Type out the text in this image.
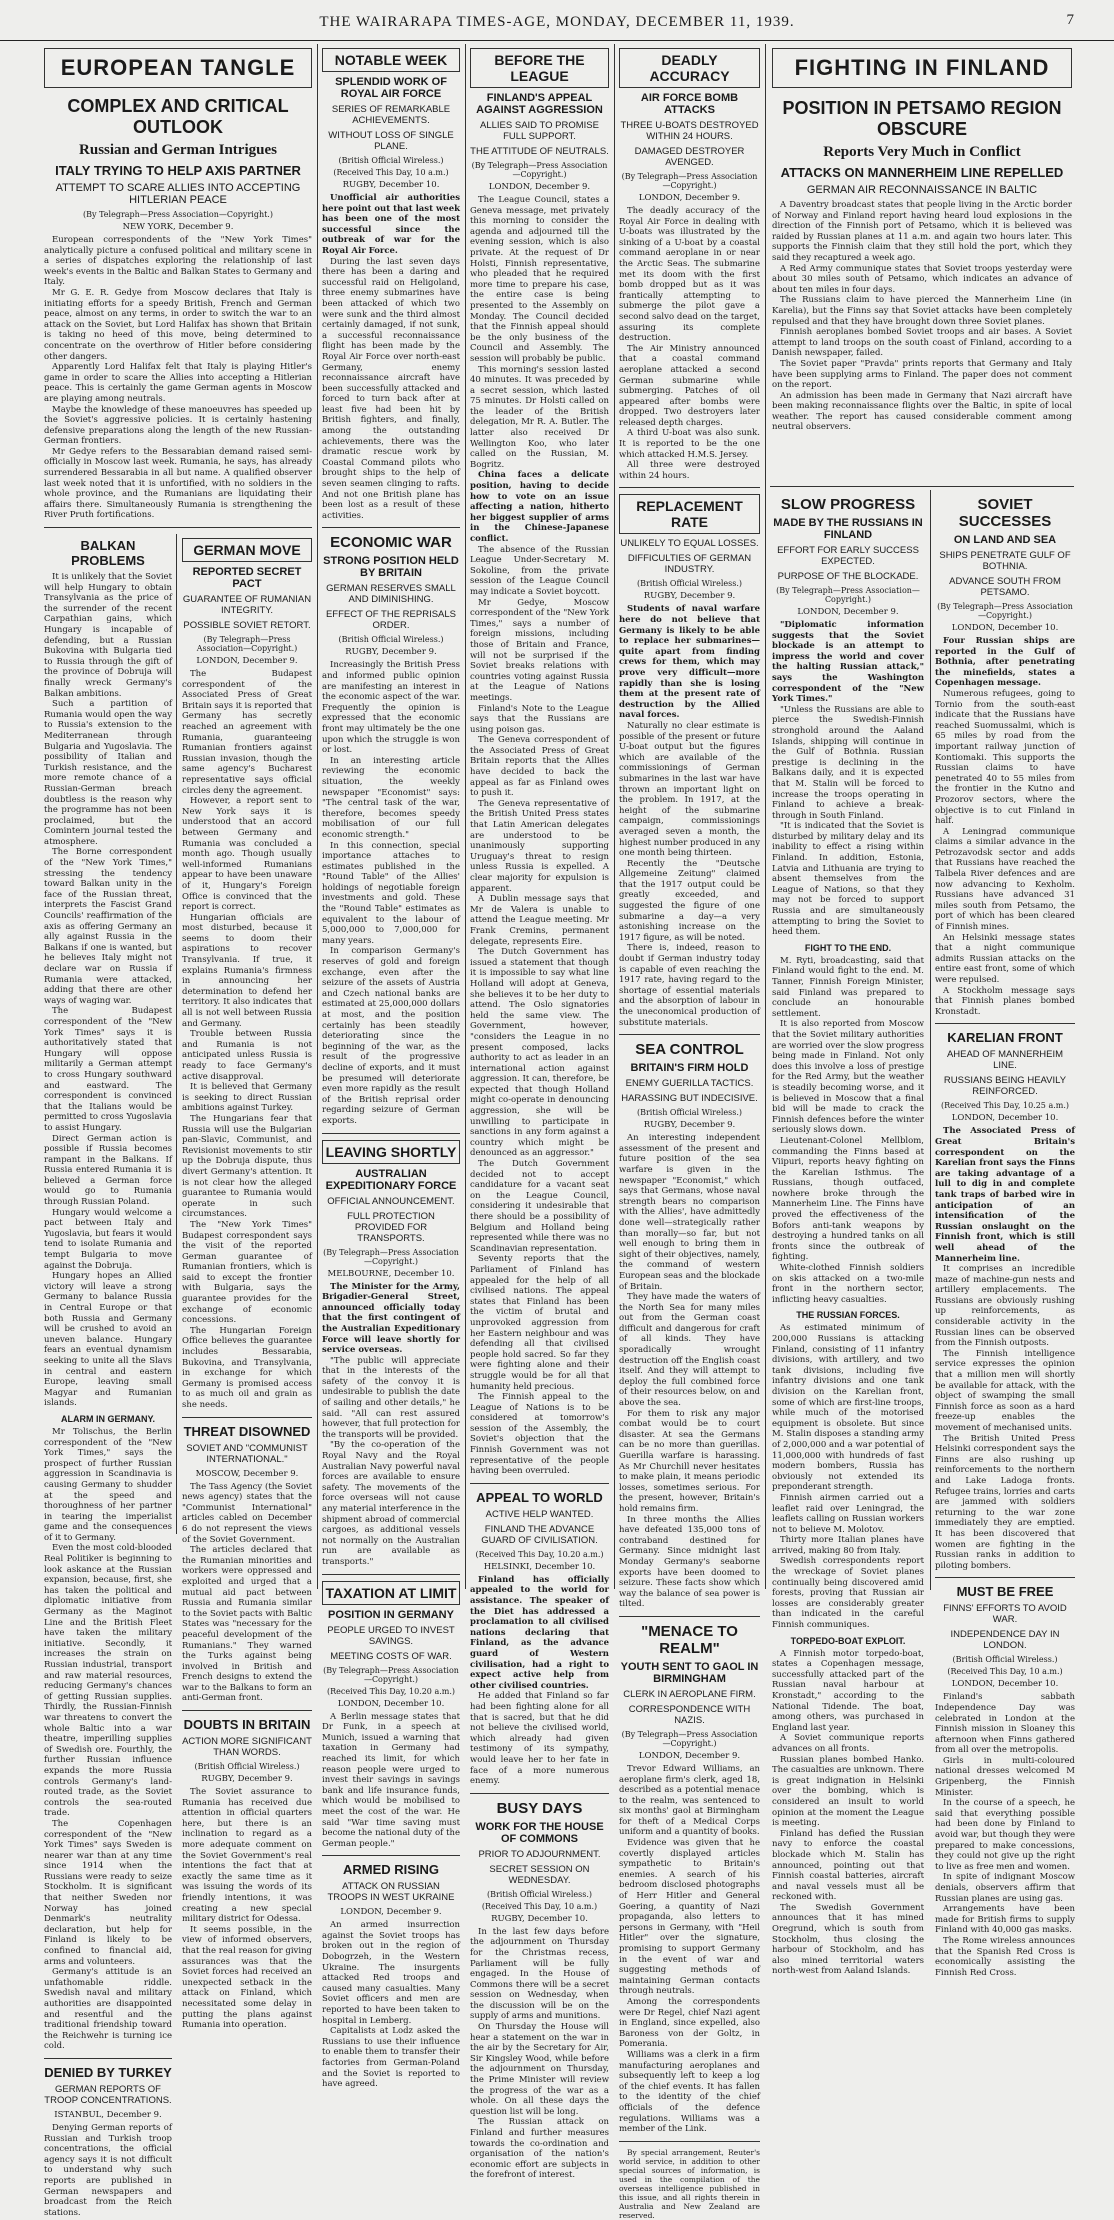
THE WAIRARAPA TIMES-AGE, MONDAY, DECEMBER 11, 1939.	7
EUROPEAN TANGLE
COMPLEX AND CRITICAL OUTLOOK
Russian and German Intrigues
ITALY TRYING TO HELP AXIS PARTNER
ATTEMPT TO SCARE ALLIES INTO ACCEPTING HITLERIAN PEACE
(By Telegraph—Press Association—Copyright.)
NEW YORK, December 9.

European correspondents of the "New York Times" analytically picture a confused political and military scene in a series of dispatches exploring the relationship of last week's events in the Baltic and Balkan States to Germany and Italy.

Mr G. E. R. Gedye from Moscow declares that Italy is initiating efforts for a speedy British, French and German peace, almost on any terms, in order to switch the war to an attack on the Soviet, but Lord Halifax has shown that Britain is taking no heed of this move, being determined to concentrate on the overthrow of Hitler before considering other dangers.

Apparently Lord Halifax felt that Italy is playing Hitler's game in order to scare the Allies into accepting a Hitlerian peace. This is certainly the game German agents in Moscow are playing among neutrals.

Maybe the knowledge of these manoeuvres has speeded up the Soviet's aggressive policies. It is certainly hastening defensive preparations along the length of the new Russian-German frontiers.

Mr Gedye refers to the Bessarabian demand raised semi-officially in Moscow last week. Rumania, he says, has already surrendered Bessarabia in all but name. A qualified observer last week noted that it is unfortified, with no soldiers in the whole province, and the Rumanians are liquidating their affairs there. Simultaneously Rumania is strengthening the River Pruth fortifications.

BALKAN PROBLEMS

It is unlikely that the Soviet will help Hungary to obtain Transylvania as the price of the surrender of the recent Carpathian gains, which Hungary is incapable of defending, but a Russian Bukovina with Bulgaria tied to Russia through the gift of the province of Dobruja will finally wreck Germany's Balkan ambitions.

Such a partition of Rumania would open the way to Russia's extension to the Mediterranean through Bulgaria and Yugoslavia. The possibility of Italian and Turkish resistance, and the more remote chance of a Russian-German breach doubtless is the reason why the programme has not been proclaimed, but the Comintern journal tested the atmosphere.

The Borne correspondent of the "New York Times," stressing the tendency toward Balkan unity in the face of the Russian threat, interprets the Fascist Grand Councils' reaffirmation of the axis as offering Germany an ally against Russia in the Balkans if one is wanted, but he believes Italy might not declare war on Russia if Rumania were attacked, adding that there are other ways of waging war.

The Budapest correspondent of the "New York Times" says it is authoritatively stated that Hungary will oppose militarily a German attempt to cross Hungary southward and eastward. The correspondent is convinced that the Italians would be permitted to cross Yugoslavia to assist Hungary.

Direct German action is possible if Russia becomes rampant in the Balkans. If Russia entered Rumania it is believed a German force would go to Rumania through Russian Poland.

Hungary would welcome a pact between Italy and Yugoslavia, but fears it would tend to isolate Rumania and tempt Bulgaria to move against the Dobruja.

Hungary hopes an Allied victory will leave a strong Germany to balance Russia in Central Europe or that both Russia and Germany will be crushed to avoid an uneven balance. Hungary fears an eventual dynamism seeking to unite all the Slavs in central and eastern Europe, leaving small Magyar and Rumanian islands.

ALARM IN GERMANY.

Mr Tolischus, the Berlin correspondent of the "New York Times," says the prospect of further Russian aggression in Scandinavia is causing Germany to shudder at the speed and thoroughness of her partner in tearing the imperialist game and the consequences of it to Germany.

Even the most cold-blooded Real Politiker is beginning to look askance at the Russian expansion, because, first, she has taken the political and diplomatic initiative from Germany as the Maginot Line and the British Fleet have taken the military initiative. Secondly, it increases the strain on Russian industrial, transport and raw material resources, reducing Germany's chances of getting Russian supplies. Thirdly, the Russian-Finnish war threatens to convert the whole Baltic into a war theatre, imperilling supplies of Swedish ore. Fourthly, the further Russian influence expands the more Russia controls Germany's land-routed trade, as the Soviet controls the sea-routed trade.

The Copenhagen correspondent of the "New York Times" says Sweden is nearer war than at any time since 1914 when the Russians were ready to seize Stockholm. It is significant that neither Sweden nor Norway has joined Denmark's neutrality declaration, but help for Finland is likely to be confined to financial aid, arms and volunteers.

Germany's attitude is an unfathomable riddle. Swedish naval and military authorities are disappointed and resentful and the traditional friendship toward the Reichwehr is turning ice cold.

DENIED BY TURKEY
GERMAN REPORTS OF TROOP CONCENTRATIONS.
ISTANBUL, December 9.

Denying German reports of Russian and Turkish troop concentrations, the official agency says it is not difficult to understand why such reports are published in German newspapers and broadcast from the Reich stations.

GERMAN MOVE
REPORTED SECRET PACT
GUARANTEE OF RUMANIAN INTEGRITY.
POSSIBLE SOVIET RETORT.
(By Telegraph—Press Association—Copyright.)
LONDON, December 9.

The Budapest correspondent of the Associated Press of Great Britain says it is reported that Germany has secretly reached an agreement with Rumania, guaranteeing Rumanian frontiers against Russian invasion, though the same agency's Bucharest representative says official circles deny the agreement.

However, a report sent to New York says it is understood that an accord between Germany and Rumania was concluded a month ago. Though usually well-informed Rumanians appear to have been unaware of it, Hungary's Foreign Office is convinced that the report is correct.

Hungarian officials are most disturbed, because it seems to doom their aspirations to recover Transylvania. If true, it explains Rumania's firmness in announcing her determination to defend her territory. It also indicates that all is not well between Russia and Germany.

Trouble between Russia and Rumania is not anticipated unless Russia is ready to face Germany's active disapproval.

It is believed that Germany is seeking to direct Russian ambitions against Turkey.

The Hungarians fear that Russia will use the Bulgarian pan-Slavic, Communist, and Revisionist movements to stir up the Dobruja dispute, thus divert Germany's attention. It is not clear how the alleged guarantee to Rumania would operate in such circumstances.

The "New York Times" Budapest correspondent says the visit of the reported German guarantee of Rumanian frontiers, which is said to except the frontier with Bulgaria, says the guarantee provides for the exchange of economic concessions.

The Hungarian Foreign Office believes the guarantee includes Bessarabia, Bukovina, and Transylvania, in exchange for which Germany is promised access to as much oil and grain as she needs.

THREAT DISOWNED
SOVIET AND "COMMUNIST INTERNATIONAL."
MOSCOW, December 9.

The Tass Agency (the Soviet news agency) states that the "Communist International" articles cabled on December 6 do not represent the views of the Soviet Government.

The articles declared that the Rumanian minorities and workers were oppressed and exploited and urged that a mutual aid pact between Russia and Rumania similar to the Soviet pacts with Baltic States was "necessary for the peaceful development of the Rumanians." They warned the Turks against being involved in British and French designs to extend the war to the Balkans to form an anti-German front.

DOUBTS IN BRITAIN
ACTION MORE SIGNIFICANT THAN WORDS.
(British Official Wireless.)
RUGBY, December 9.

The Soviet assurance to Rumania has received due attention in official quarters here, but there is an inclination to regard as a more adequate comment on the Soviet Government's real intentions the fact that at exactly the same time as it was issuing the words of its friendly intentions, it was creating a new special military district for Odessa.

It seems possible, in the view of informed observers, that the real reason for giving assurances was that the Soviet forces had received an unexpected setback in the attack on Finland, which necessitated some delay in putting the plans against Rumania into operation.

NOTABLE WEEK
SPLENDID WORK OF ROYAL AIR FORCE
SERIES OF REMARKABLE ACHIEVEMENTS.
WITHOUT LOSS OF SINGLE PLANE.
(British Official Wireless.)
(Received This Day, 10 a.m.)
RUGBY, December 10.

Unofficial air authorities here point out that last week has been one of the most successful since the outbreak of war for the Royal Air Force.

During the last seven days there has been a daring and successful raid on Heligoland, three enemy submarines have been attacked of which two were sunk and the third almost certainly damaged, if not sunk, a successful reconnaissance flight has been made by the Royal Air Force over north-east Germany, enemy reconnaissance aircraft have been successfully attacked and forced to turn back after at least five had been hit by British fighters, and finally, among the outstanding achievements, there was the dramatic rescue work by Coastal Command pilots who brought ships to the help of seven seamen clinging to rafts. And not one British plane has been lost as a result of these activities.

ECONOMIC WAR
STRONG POSITION HELD BY BRITAIN
GERMAN RESERVES SMALL AND DIMINISHING.
EFFECT OF THE REPRISALS ORDER.
(British Official Wireless.)
RUGBY, December 9.

Increasingly the British Press and informed public opinion are manifesting an interest in the economic aspect of the war. Frequently the opinion is expressed that the economic front may ultimately be the one upon which the struggle is won or lost.

In an interesting article reviewing the economic situation, the weekly newspaper "Economist" says: "The central task of the war, therefore, becomes speedy mobilisation of our full economic strength."

In this connection, special importance attaches to estimates published in the "Round Table" of the Allies' holdings of negotiable foreign investments and gold. These the "Round Table" estimates as equivalent to the labour of 5,000,000 to 7,000,000 for many years.

In comparison Germany's reserves of gold and foreign exchange, even after the seizure of the assets of Austria and Czech national banks are estimated at 25,000,000 dollars at most, and the position certainly has been steadily deteriorating since the beginning of the war, as the result of the progressive decline of exports, and it must be presumed will deteriorate even more rapidly as the result of the British reprisal order regarding seizure of German exports.

LEAVING SHORTLY
AUSTRALIAN EXPEDITIONARY FORCE
OFFICIAL ANNOUNCEMENT.
FULL PROTECTION PROVIDED FOR TRANSPORTS.
(By Telegraph—Press Association—Copyright.)
MELBOURNE, December 10.

The Minister for the Army, Brigadier-General Street, announced officially today that the first contingent of the Australian Expeditionary Force will leave shortly for service overseas.

"The public will appreciate that in the interests of the safety of the convoy it is undesirable to publish the date of sailing and other details," he said. "All can rest assured however, that full protection for the transports will be provided.

"By the co-operation of the Royal Navy and the Royal Australian Navy powerful naval forces are available to ensure safety. The movements of the force overseas will not cause any material interference in the shipment abroad of commercial cargoes, as additional vessels not normally on the Australian run are available as transports."

TAXATION AT LIMIT
POSITION IN GERMANY
PEOPLE URGED TO INVEST SAVINGS.
MEETING COSTS OF WAR.
(By Telegraph—Press Association—Copyright.)
(Received This Day, 10.20 a.m.)
LONDON, December 10.

A Berlin message states that Dr Funk, in a speech at Munich, issued a warning that taxation in Germany had reached its limit, for which reason people were urged to invest their savings in savings bank and life insurance funds, which would be mobilised to meet the cost of the war. He said "War time saving must become the national duty of the German people."

ARMED RISING
ATTACK ON RUSSIAN TROOPS IN WEST UKRAINE
LONDON, December 9.

An armed insurrection against the Soviet troops has broken out in the region of Dobogrzeh, in the Western Ukraine. The insurgents attacked Red troops and caused many casualties. Many Soviet officers and men are reported to have been taken to hospital in Lemberg.

Capitalists at Lodz asked the Russians to use their influence to enable them to transfer their factories from German-Poland and the Soviet is reported to have agreed.

BEFORE THE LEAGUE
FINLAND'S APPEAL AGAINST AGGRESSION
ALLIES SAID TO PROMISE FULL SUPPORT.
THE ATTITUDE OF NEUTRALS.
(By Telegraph—Press Association—Copyright.)
LONDON, December 9.

The League Council, states a Geneva message, met privately this morning to consider the agenda and adjourned till the evening session, which is also private. At the request of Dr Holsti, Finnish representative, who pleaded that he required more time to prepare his case, the entire case is being presented to the Assembly on Monday. The Council decided that the Finnish appeal should be the only business of the Council and Assembly. The session will probably be public.

This morning's session lasted 40 minutes. It was preceded by a secret session, which lasted 75 minutes. Dr Holsti called on the leader of the British delegation, Mr R. A. Butler. The latter also received Dr Wellington Koo, who later called on the Russian, M. Bogritz.

China faces a delicate position, having to decide how to vote on an issue affecting a nation, hitherto her biggest supplier of arms in the Chinese-Japanese conflict.

The absence of the Russian League Under-Secretary M. Sokoline, from the private session of the League Council may indicate a Soviet boycott.

Mr Gedye, Moscow correspondent of the "New York Times," says a number of foreign missions, including those of Britain and France, will not be surprised if the Soviet breaks relations with countries voting against Russia at the League of Nations meetings.

Finland's Note to the League says that the Russians are using poison gas.

The Geneva correspondent of the Associated Press of Great Britain reports that the Allies have decided to back the appeal as far as Finland owes to push it.

The Geneva representative of the British United Press states that Latin American delegates are understood to be unanimously supporting Uruguay's threat to resign unless Russia is expelled. A clear majority for expulsion is apparent.

A Dublin message says that Mr de Valera is unable to attend the League meeting. Mr Frank Cremins, permanent delegate, represents Eire.

The Dutch Government has issued a statement that though it is impossible to say what line Holland will adopt at Geneva, she believes it to be her duty to attend. The Oslo signatories held the same view. The Government, however, "considers the League in no present composed, lacks authority to act as leader in an international action against aggression. It can, therefore, be expected that though Holland might co-operate in denouncing aggression, she will be unwilling to participate in sanctions in any form against a country which might be denounced as an aggressor."

The Dutch Government decided not to accept candidature for a vacant seat on the League Council, considering it undesirable that there should be a possibility of Belgium and Holland being represented while there was no Scandinavian representation.

Seventy reports that the Parliament of Finland has appealed for the help of all civilised nations. The appeal states that Finland has been the victim of brutal and unprovoked aggression from her Eastern neighbour and was defending all that civilised people hold sacred. So far they were fighting alone and their struggle would be for all that humanity held precious.

The Finnish appeal to the League of Nations is to be considered at tomorrow's session of the Assembly, the Soviet's objection that the Finnish Government was not representative of the people having been overruled.

APPEAL TO WORLD
ACTIVE HELP WANTED.
FINLAND THE ADVANCE GUARD OF CIVILISATION.
(Received This Day, 10.20 a.m.)
HELSINKI, December 10.

Finland has officially appealed to the world for assistance. The speaker of the Diet has addressed a proclamation to all civilised nations declaring that Finland, as the advance guard of Western civilisation, had a right to expect active help from other civilised countries.

He added that Finland so far had been fighting alone for all that is sacred, but that he did not believe the civilised world, which already had given testimony of its sympathy, would leave her to her fate in face of a more numerous enemy.

BUSY DAYS
WORK FOR THE HOUSE OF COMMONS
PRIOR TO ADJOURNMENT.
SECRET SESSION ON WEDNESDAY.
(British Official Wireless.)
(Received This Day, 10 a.m.)
RUGBY, December 10.

In the last few days before the adjournment on Thursday for the Christmas recess, Parliament will be fully engaged. In the House of Commons there will be a secret session on Wednesday, when the discussion will be on the supply of arms and munitions.

On Thursday the House will hear a statement on the war in the air by the Secretary for Air, Sir Kingsley Wood, while before the adjournment on Thursday, the Prime Minister will review the progress of the war as a whole. On all these days the question list will be long.

The Russian attack on Finland and further measures towards the co-ordination and organisation of the nation's economic effort are subjects in the forefront of interest.

DEADLY ACCURACY
AIR FORCE BOMB ATTACKS
THREE U-BOATS DESTROYED WITHIN 24 HOURS.
DAMAGED DESTROYER AVENGED.
(By Telegraph—Press Association—Copyright.)
LONDON, December 9.

The deadly accuracy of the Royal Air Force in dealing with U-boats was illustrated by the sinking of a U-boat by a coastal command aeroplane in or near the Arctic Seas. The submarine met its doom with the first bomb dropped but as it was frantically attempting to submerge the pilot gave a second salvo dead on the target, assuring its complete destruction.

The Air Ministry announced that a coastal command aeroplane attacked a second German submarine while submerging. Patches of oil appeared after bombs were dropped. Two destroyers later released depth charges.

A third U-boat was also sunk. It is reported to be the one which attacked H.M.S. Jersey.

All three were destroyed within 24 hours.

REPLACEMENT RATE
UNLIKELY TO EQUAL LOSSES.
DIFFICULTIES OF GERMAN INDUSTRY.
(British Official Wireless.)
RUGBY, December 9.

Students of naval warfare here do not believe that Germany is likely to be able to replace her submarines—quite apart from finding crews for them, which may prove very difficult—more rapidly than she is losing them at the present rate of destruction by the Allied naval forces.

Naturally no clear estimate is possible of the present or future U-boat output but the figures which are available of the commissionings of German submarines in the last war have thrown an important light on the problem. In 1917, at the height of the submarine campaign, commissionings averaged seven a month, the highest number produced in any one month being thirteen.

Recently the "Deutsche Allgemeine Zeitung" claimed that the 1917 output could be greatly exceeded, and suggested the figure of one submarine a day—a very astonishing increase on the 1917 figure, as will be noted.

There is, indeed, reason to doubt if German industry today is capable of even reaching the 1917 rate, having regard to the shortage of essential materials and the absorption of labour in the uneconomical production of substitute materials.

SEA CONTROL
BRITAIN'S FIRM HOLD
ENEMY GUERILLA TACTICS.
HARASSING BUT INDECISIVE.
(British Official Wireless.)
RUGBY, December 9.

An interesting independent assessment of the present and future position of the sea warfare is given in the newspaper "Economist," which says that Germans, whose naval strength bears no comparison with the Allies', have admittedly done well—strategically rather than morally—so far, but not well enough to bring them in sight of their objectives, namely, the command of western European seas and the blockade of Britain.

They have made the waters of the North Sea for many miles out from the German coast difficult and dangerous for craft of all kinds. They have sporadically wrought destruction off the English coast itself. And they will attempt to deploy the full combined force of their resources below, on and above the sea.

For them to risk any major combat would be to court disaster. At sea the Germans can be no more than guerillas. Guerilla warfare is harassing. As Mr Churchill never hesitates to make plain, it means periodic losses, sometimes serious. For the present, however, Britain's hold remains firm.

In three months the Allies have defeated 135,000 tons of contraband destined for Germany. Since midnight last Monday Germany's seaborne exports have been doomed to seizure. These facts show which way the balance of sea power is tilted.

"MENACE TO REALM"
YOUTH SENT TO GAOL IN BIRMINGHAM
CLERK IN AEROPLANE FIRM.
CORRESPONDENCE WITH NAZIS.
(By Telegraph—Press Association—Copyright.)
LONDON, December 9.

Trevor Edward Williams, an aeroplane firm's clerk, aged 18, described as a potential menace to the realm, was sentenced to six months' gaol at Birmingham for theft of a Medical Corps uniform and a quantity of books.

Evidence was given that he covertly displayed articles sympathetic to Britain's enemies. A search of his bedroom disclosed photographs of Herr Hitler and General Goering, a quantity of Nazi propaganda, also letters to persons in Germany, with "Heil Hitler" over the signature, promising to support Germany in the event of war and suggesting methods of maintaining German contacts through neutrals.

Among the correspondents were Dr Regel, chief Nazi agent in England, since expelled, also Baroness von der Goltz, in Pomerania.

Williams was a clerk in a firm manufacturing aeroplanes and subsequently left to keep a log of the chief events. It has fallen to the identity of the chief officials of the defence regulations. Williams was a member of the Link.

By special arrangement, Reuter's world service, in addition to other special sources of information, is used in the compilation of the overseas intelligence published in this issue, and all rights therein in Australia and New Zealand are reserved.

FIGHTING IN FINLAND
POSITION IN PETSAMO REGION OBSCURE
Reports Very Much in Conflict
ATTACKS ON MANNERHEIM LINE REPELLED
GERMAN AIR RECONNAISSANCE IN BALTIC

A Daventry broadcast states that people living in the Arctic border of Norway and Finland report having heard loud explosions in the direction of the Finnish port of Petsamo, which it is believed was raided by Russian planes at 11 a.m. and again two hours later. This supports the Finnish claim that they still hold the port, which they said they recaptured a week ago.

A Red Army communique states that Soviet troops yesterday were about 30 miles south of Petsamo, which indicates an advance of about ten miles in four days.

The Russians claim to have pierced the Mannerheim Line (in Karelia), but the Finns say that Soviet attacks have been completely repulsed and that they have brought down three Soviet planes.

Finnish aeroplanes bombed Soviet troops and air bases. A Soviet attempt to land troops on the south coast of Finland, according to a Danish newspaper, failed.

The Soviet paper "Pravda" prints reports that Germany and Italy have been supplying arms to Finland. The paper does not comment on the report.

An admission has been made in Germany that Nazi aircraft have been making reconnaissance flights over the Baltic, in spite of local weather. The report has caused considerable comment among neutral observers.

SLOW PROGRESS
MADE BY THE RUSSIANS IN FINLAND
EFFORT FOR EARLY SUCCESS EXPECTED.
PURPOSE OF THE BLOCKADE.
(By Telegraph—Press Association—Copyright.)
LONDON, December 9.

"Diplomatic information suggests that the Soviet blockade is an attempt to impress the world and cover the halting Russian attack," says the Washington correspondent of the "New York Times."

"Unless the Russians are able to pierce the Swedish-Finnish stronghold around the Aaland Islands, shipping will continue in the Gulf of Bothnia. Russian prestige is declining in the Balkans daily, and it is expected that M. Stalin will be forced to increase the troops operating in Finland to achieve a break-through in South Finland.

"It is indicated that the Soviet is disturbed by military delay and its inability to effect a rising within Finland. In addition, Estonia, Latvia and Lithuania are trying to absent themselves from the League of Nations, so that they may not be forced to support Russia and are simultaneously attempting to bring the Soviet to heed them.

FIGHT TO THE END.

M. Ryti, broadcasting, said that Finland would fight to the end. M. Tanner, Finnish Foreign Minister, said Finland was prepared to conclude an honourable settlement.

It is also reported from Moscow that the Soviet military authorities are worried over the slow progress being made in Finland. Not only does this involve a loss of prestige for the Red Army, but the weather is steadily becoming worse, and it is believed in Moscow that a final bid will be made to crack the Finnish defences before the winter seriously slows down.

Lieutenant-Colonel Mellblom, commanding the Finns based at Viipuri, reports heavy fighting on the Karelian Isthmus. The Russians, though outfaced, nowhere broke through the Mannerheim Line. The Finns have proved the effectiveness of the Bofors anti-tank weapons by destroying a hundred tanks on all fronts since the outbreak of fighting.

White-clothed Finnish soldiers on skis attacked on a two-mile front in the northern sector, inflicting heavy casualties.

THE RUSSIAN FORCES.

As estimated minimum of 200,000 Russians is attacking Finland, consisting of 11 infantry divisions, with artillery, and two tank divisions, including five infantry divisions and one tank division on the Karelian front, some of which are first-line troops, while much of the motorised equipment is obsolete. But since M. Stalin disposes a standing army of 2,000,000 and a war potential of 11,000,000 with hundreds of fast modern bombers, Russia has obviously not extended its preponderant strength.

Finnish airmen carried out a leaflet raid over Leningrad, the leaflets calling on Russian workers not to believe M. Molotov.

Thirty more Italian planes have arrived, making 80 from Italy.

Swedish correspondents report the wreckage of Soviet planes continually being discovered amid forests, proving that Russian air losses are considerably greater than indicated in the careful Finnish communiques.

TORPEDO-BOAT EXPLOIT.

A Finnish motor torpedo-boat, states a Copenhagen message, successfully attacked part of the Russian naval harbour at Kronstadt," according to the National Tidende. The boat, among others, was purchased in England last year.

A Soviet communique reports advances on all fronts.

Russian planes bombed Hanko. The casualties are unknown. There is great indignation in Helsinki over the bombing, which is considered an insult to world opinion at the moment the League is meeting.

Finland has defied the Russian navy to enforce the coastal blockade which M. Stalin has announced, pointing out that Finnish coastal batteries, aircraft and naval vessels must all be reckoned with.

The Swedish Government announces that it has mined Oregrund, which is south from Stockholm, thus closing the harbour of Stockholm, and has also mined territorial waters north-west from Aaland Islands.

SOVIET SUCCESSES
ON LAND AND SEA
SHIPS PENETRATE GULF OF BOTHNIA.
ADVANCE SOUTH FROM PETSAMO.
(By Telegraph—Press Association—Copyright.)
LONDON, December 10.

Four Russian ships are reported in the Gulf of Bothnia, after penetrating the minefields, states a Copenhagen message.

Numerous refugees, going to Tornio from the south-east indicate that the Russians have reached Suomussalmi, which is 65 miles by road from the important railway junction of Kontiomaki. This supports the Russian claims to have penetrated 40 to 55 miles from the frontier in the Kutno and Prozorov sectors, where the objective is to cut Finland in half.

A Leningrad communique claims a similar advance in the Petrozavodsk sector and adds that Russians have reached the Talbela River defences and are now advancing to Kexholm. Russians have advanced 31 miles south from Petsamo, the port of which has been cleared of Finnish mines.

An Helsinki message states that a night communique admits Russian attacks on the entire east front, some of which were repulsed.

A Stockholm message says that Finnish planes bombed Kronstadt.

KARELIAN FRONT
AHEAD OF MANNERHEIM LINE.
RUSSIANS BEING HEAVILY REINFORCED.
(Received This Day, 10.25 a.m.)
LONDON, December 10.

The Associated Press of Great Britain's correspondent on the Karelian front says the Finns are taking advantage of a lull to dig in and complete tank traps of barbed wire in anticipation of an intensification of the Russian onslaught on the Finnish front, which is still well ahead of the Mannerheim line.

It comprises an incredible maze of machine-gun nests and artillery emplacements. The Russians are obviously rushing up reinforcements, as considerable activity in the Russian lines can be observed from the Finnish outposts.

The Finnish intelligence service expresses the opinion that a million men will shortly be available for attack, with the object of swamping the small Finnish force as soon as a hard freeze-up enables the movement of mechanised units.

The British United Press Helsinki correspondent says the Finns are also rushing up reinforcements to the northern and Lake Ladoga fronts. Refugee trains, lorries and carts are jammed with soldiers returning to the war zone immediately they are emptied. It has been discovered that women are fighting in the Russian ranks in addition to piloting bombers.

MUST BE FREE
FINNS' EFFORTS TO AVOID WAR.
INDEPENDENCE DAY IN LONDON.
(British Official Wireless.)
(Received This Day, 10 a.m.)
LONDON, December 10.

Finland's sabbath Independence Day was celebrated in London at the Finnish mission in Sloaney this afternoon when Finns gathered from all over the metropolis.

Girls in multi-coloured national dresses welcomed M Gripenberg, the Finnish Minister.

In the course of a speech, he said that everything possible had been done by Finland to avoid war, but though they were prepared to make concessions, they could not give up the right to live as free men and women.

In spite of indignant Moscow denials, observers affirm that Russian planes are using gas.

Arrangements have been made for British firms to supply Finland with 40,000 gas masks.

The Rome wireless announces that the Spanish Red Cross is economically assisting the Finnish Red Cross.
